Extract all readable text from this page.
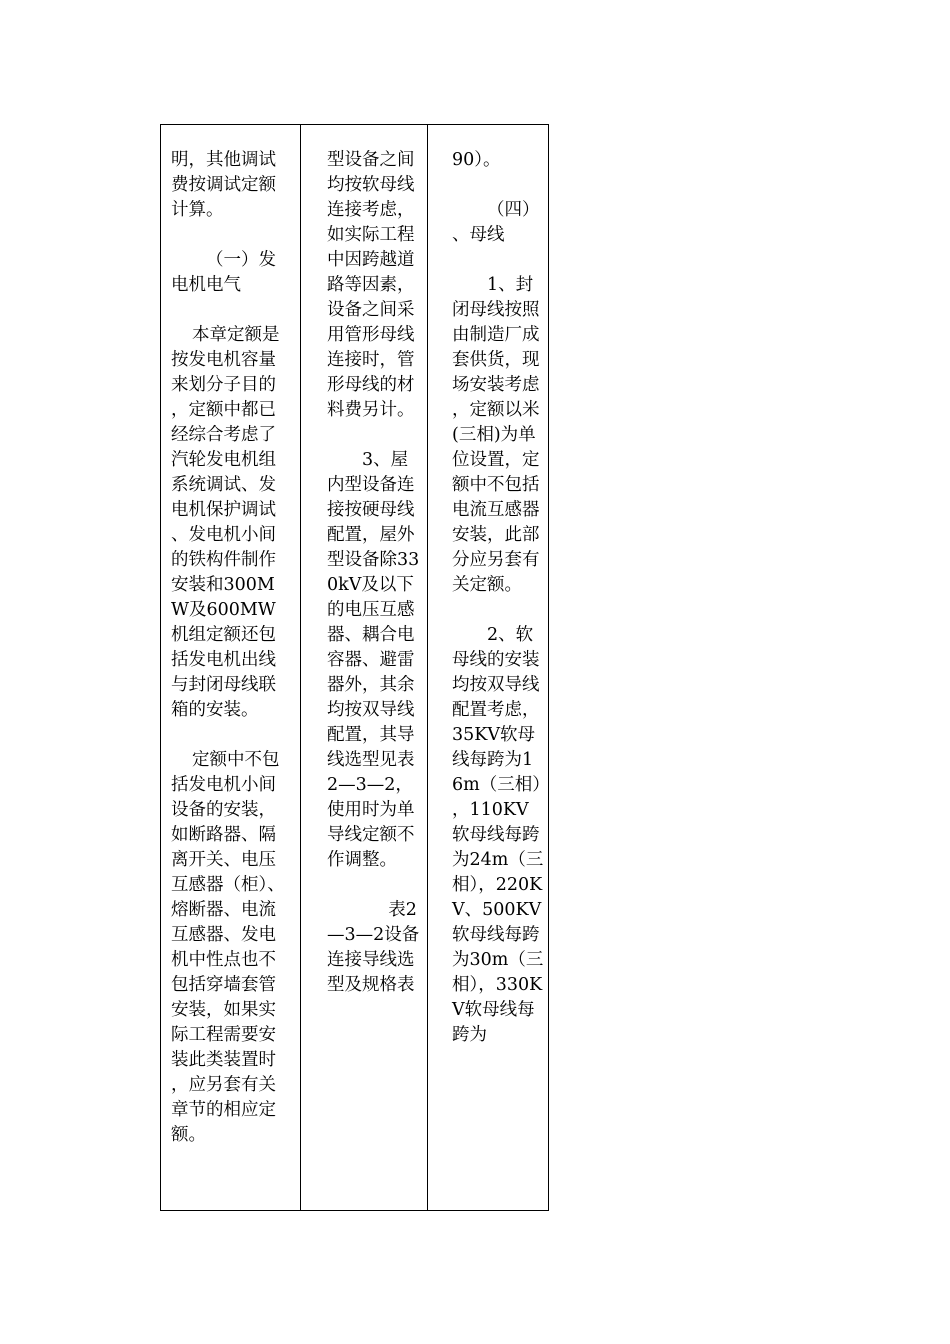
明，其他调试费按调试定额计算。

（一）发电机电气

本章定额是按发电机容量来划分子目的，定额中都已经综合考虑了汽轮发电机组系统调试、发电机保护调试、发电机小间的铁构件制作安装和300MW及600MW机组定额还包括发电机出线与封闭母线联箱的安装。

定额中不包括发电机小间设备的安装，如断路器、隔离开关、电压互感器（柜）、熔断器、电流互感器、发电机中性点也不包括穿墙套管安装，如果实际工程需要安装此类装置时，应另套有关章节的相应定额。

型设备之间均按软母线连接考虑，如实际工程中因跨越道路等因素，设备之间采用管形母线连接时，管形母线的材料费另计。

3、屋内型设备连接按硬母线配置，屋外型设备除330kV及以下的电压互感器、耦合电容器、避雷器外，其余均按双导线配置，其导线选型见表2—3—2，使用时为单导线定额不作调整。

表2—3—2设备连接导线选型及规格表

90）。

（四）、母线

1、封闭母线按照由制造厂成套供货，现场安装考虑，定额以米(三相)为单位设置，定额中不包括电流互感器安装，此部分应另套有关定额。

2、软母线的安装均按双导线配置考虑，35KV软母线每跨为16m（三相），110KV软母线每跨为24m（三相），220KV、500KV软母线每跨为30m（三相），330KV软母线每跨为
